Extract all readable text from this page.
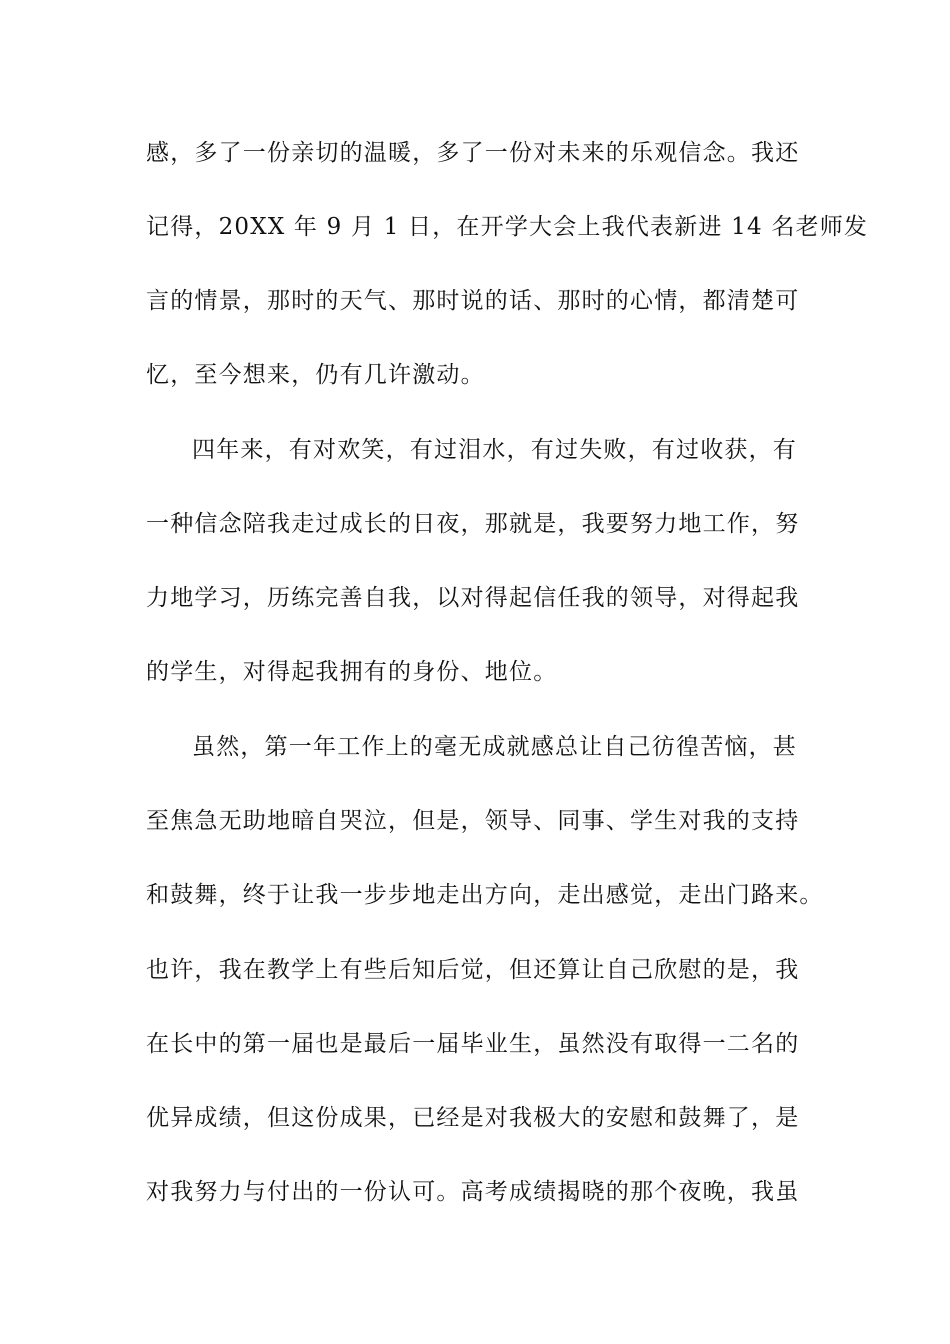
感，多了一份亲切的温暖，多了一份对未来的乐观信念。我还
记得，20XX 年 9 月 1 日，在开学大会上我代表新进 14 名老师发
言的情景，那时的天气、那时说的话、那时的心情，都清楚可
忆，至今想来，仍有几许激动。
四年来，有对欢笑，有过泪水，有过失败，有过收获，有
一种信念陪我走过成长的日夜，那就是，我要努力地工作，努
力地学习，历练完善自我，以对得起信任我的领导，对得起我
的学生，对得起我拥有的身份、地位。
虽然，第一年工作上的毫无成就感总让自己彷徨苦恼，甚
至焦急无助地暗自哭泣，但是，领导、同事、学生对我的支持
和鼓舞，终于让我一步步地走出方向，走出感觉，走出门路来。
也许，我在教学上有些后知后觉，但还算让自己欣慰的是，我
在长中的第一届也是最后一届毕业生，虽然没有取得一二名的
优异成绩，但这份成果，已经是对我极大的安慰和鼓舞了，是
对我努力与付出的一份认可。高考成绩揭晓的那个夜晚，我虽
